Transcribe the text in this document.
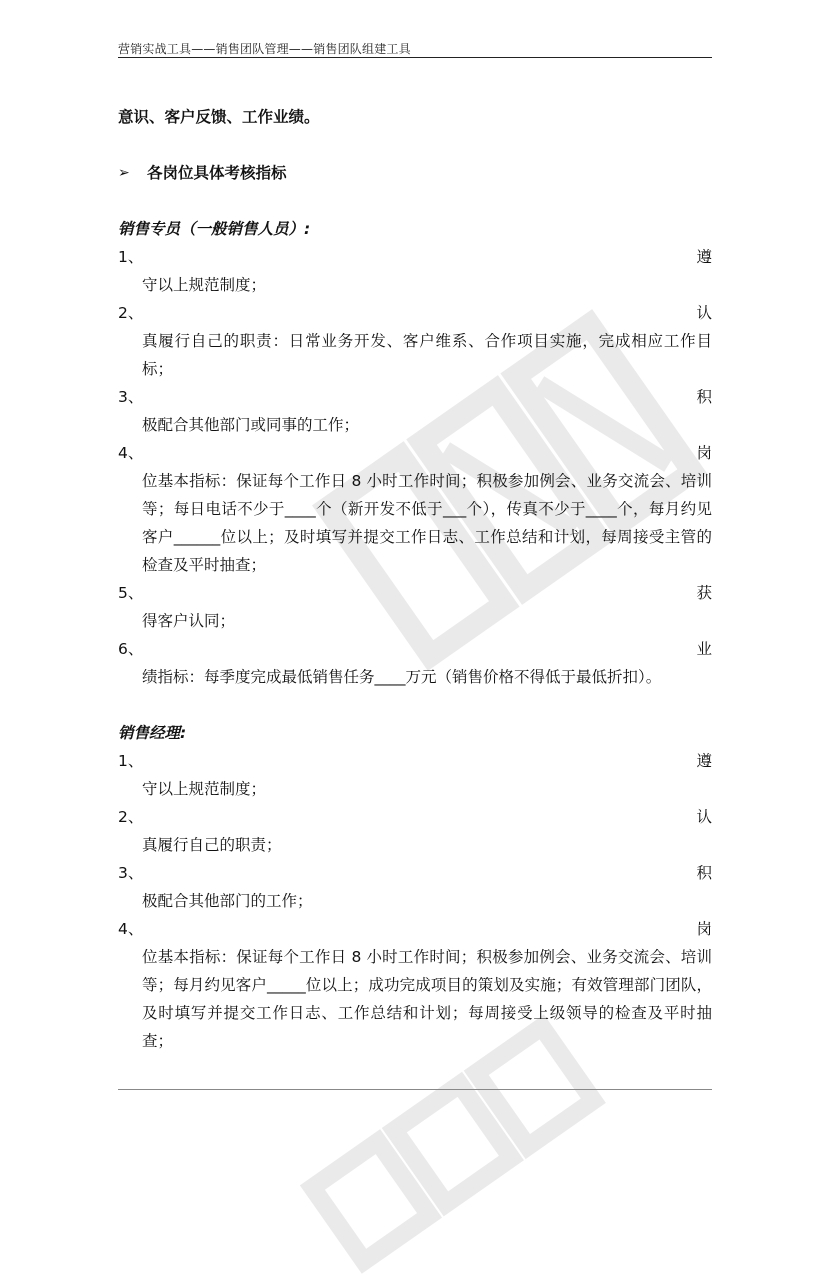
营销实战工具——销售团队管理——销售团队组建工具

意识、客户反馈、工作业绩。

➢	各岗位具体考核指标

销售专员（一般销售人员）:
1、	遵
守以上规范制度；
2、	认
真履行自己的职责：日常业务开发、客户维系、合作项目实施，完成相应工作目标；
3、	积
极配合其他部门或同事的工作；
4、	岗
位基本指标：保证每个工作日 8 小时工作时间；积极参加例会、业务交流会、培训等；每日电话不少于____个（新开发不低于___个），传真不少于____个，每月约见客户______位以上；及时填写并提交工作日志、工作总结和计划，每周接受主管的检查及平时抽查；
5、	获
得客户认同；
6、	业
绩指标：每季度完成最低销售任务____万元（销售价格不得低于最低折扣）。
销售经理:
1、	遵
守以上规范制度；
2、	认
真履行自己的职责；
3、	积
极配合其他部门的工作；
4、	岗
位基本指标：保证每个工作日 8 小时工作时间；积极参加例会、业务交流会、培训等；每月约见客户_____位以上；成功完成项目的策划及实施；有效管理部门团队，及时填写并提交工作日志、工作总结和计划；每周接受上级领导的检查及平时抽查；
